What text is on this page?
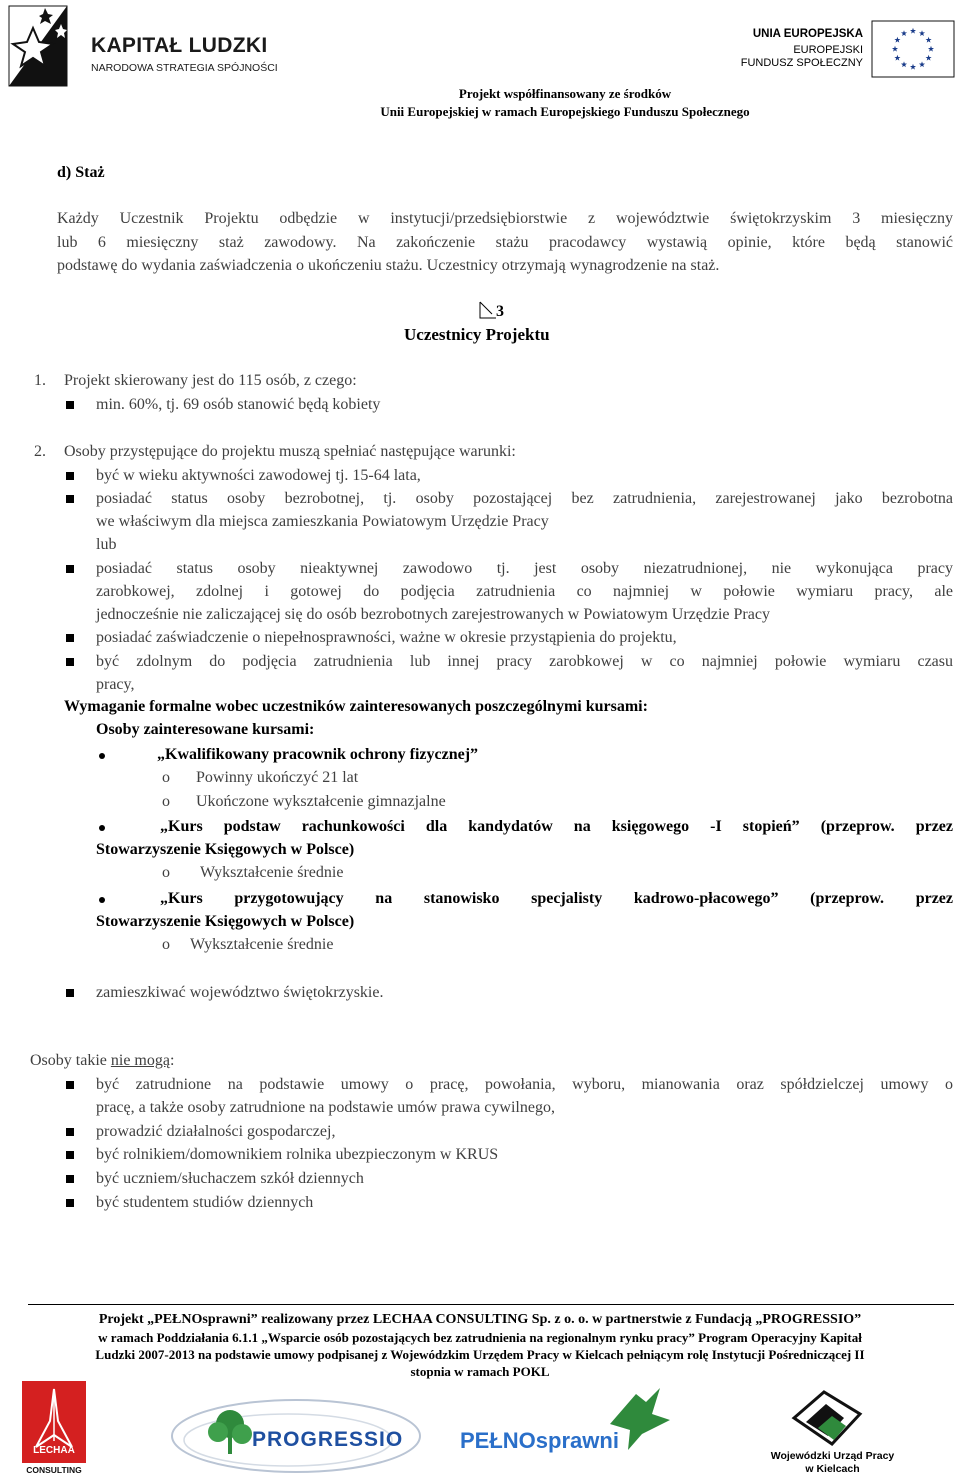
KAPITAŁ LUDZKI
NARODOWA STRATEGIA SPÓJNOŚCI
UNIA EUROPEJSKA
EUROPEJSKI
FUNDUSZ SPOŁECZNY
Projekt współfinansowany ze środków
Unii Europejskiej w ramach Europejskiego Funduszu Społecznego
d) Staż
Każdy Uczestnik Projektu odbędzie w instytucji/przedsiębiorstwie z województwie świętokrzyskim 3 miesięczny
lub 6 miesięczny staż zawodowy. Na zakończenie stażu pracodawcy wystawią opinie, które będą stanowić
podstawę do wydania zaświadczenia o ukończeniu stażu. Uczestnicy otrzymają wynagrodzenie na staż.
3
Uczestnicy Projektu
1. Projekt skierowany jest do 115 osób, z czego:
min. 60%, tj. 69 osób stanowić będą kobiety
2. Osoby przystępujące do projektu muszą spełniać następujące warunki:
być w wieku aktywności zawodowej tj. 15-64 lata,
posiadać status osoby bezrobotnej, tj. osoby pozostającej bez zatrudnienia, zarejestrowanej jako bezrobotna
we właściwym dla miejsca zamieszkania Powiatowym Urzędzie Pracy
lub
posiadać status osoby nieaktywnej zawodowo tj. jest osoby niezatrudnionej, nie wykonująca pracy
zarobkowej, zdolnej i gotowej do podjęcia zatrudnienia co najmniej w połowie wymiaru pracy, ale
jednocześnie nie zaliczającej się do osób bezrobotnych zarejestrowanych w Powiatowym Urzędzie Pracy
posiadać zaświadczenie o niepełnosprawności, ważne w okresie przystąpienia do projektu,
być zdolnym do podjęcia zatrudnienia lub innej pracy zarobkowej w co najmniej połowie wymiaru czasu
pracy,
Wymaganie formalne wobec uczestników zainteresowanych poszczególnymi kursami:
Osoby zainteresowane kursami:
„Kwalifikowany pracownik ochrony fizycznej”
o Powinny ukończyć 21 lat
o Ukończone wykształcenie gimnazjalne
„Kurs podstaw rachunkowości dla kandydatów na księgowego -I stopień” (przeprow. przez
Stowarzyszenie Księgowych w Polsce)
o Wykształcenie średnie
„Kurs przygotowujący na stanowisko specjalisty kadrowo-płacowego” (przeprow. przez
Stowarzyszenie Księgowych w Polsce)
o Wykształcenie średnie
zamieszkiwać województwo świętokrzyskie.
Osoby takie nie mogą:
być zatrudnione na podstawie umowy o pracę, powołania, wyboru, mianowania oraz spółdzielczej umowy o
pracę, a także osoby zatrudnione na podstawie umów prawa cywilnego,
prowadzić działalności gospodarczej,
być rolnikiem/domownikiem rolnika ubezpieczonym w KRUS
być uczniem/słuchaczem szkół dziennych
być studentem studiów dziennych
Projekt „PEŁNOsprawni” realizowany przez LECHAA CONSULTING Sp. z o. o. w partnerstwie z Fundacją „PROGRESSIO”
w ramach Poddziałania 6.1.1 „Wsparcie osób pozostających bez zatrudnienia na regionalnym rynku pracy” Program Operacyjny Kapitał
Ludzki 2007-2013 na podstawie umowy podpisanej z Wojewódzkim Urzędem Pracy w Kielcach pełniącym rolę Instytucji Pośredniczącej II
stopnia w ramach POKL
LECHAA
CONSULTING
PROGRESSIO	PEŁNOsprawni
Wojewódzki Urząd Pracy
w Kielcach
